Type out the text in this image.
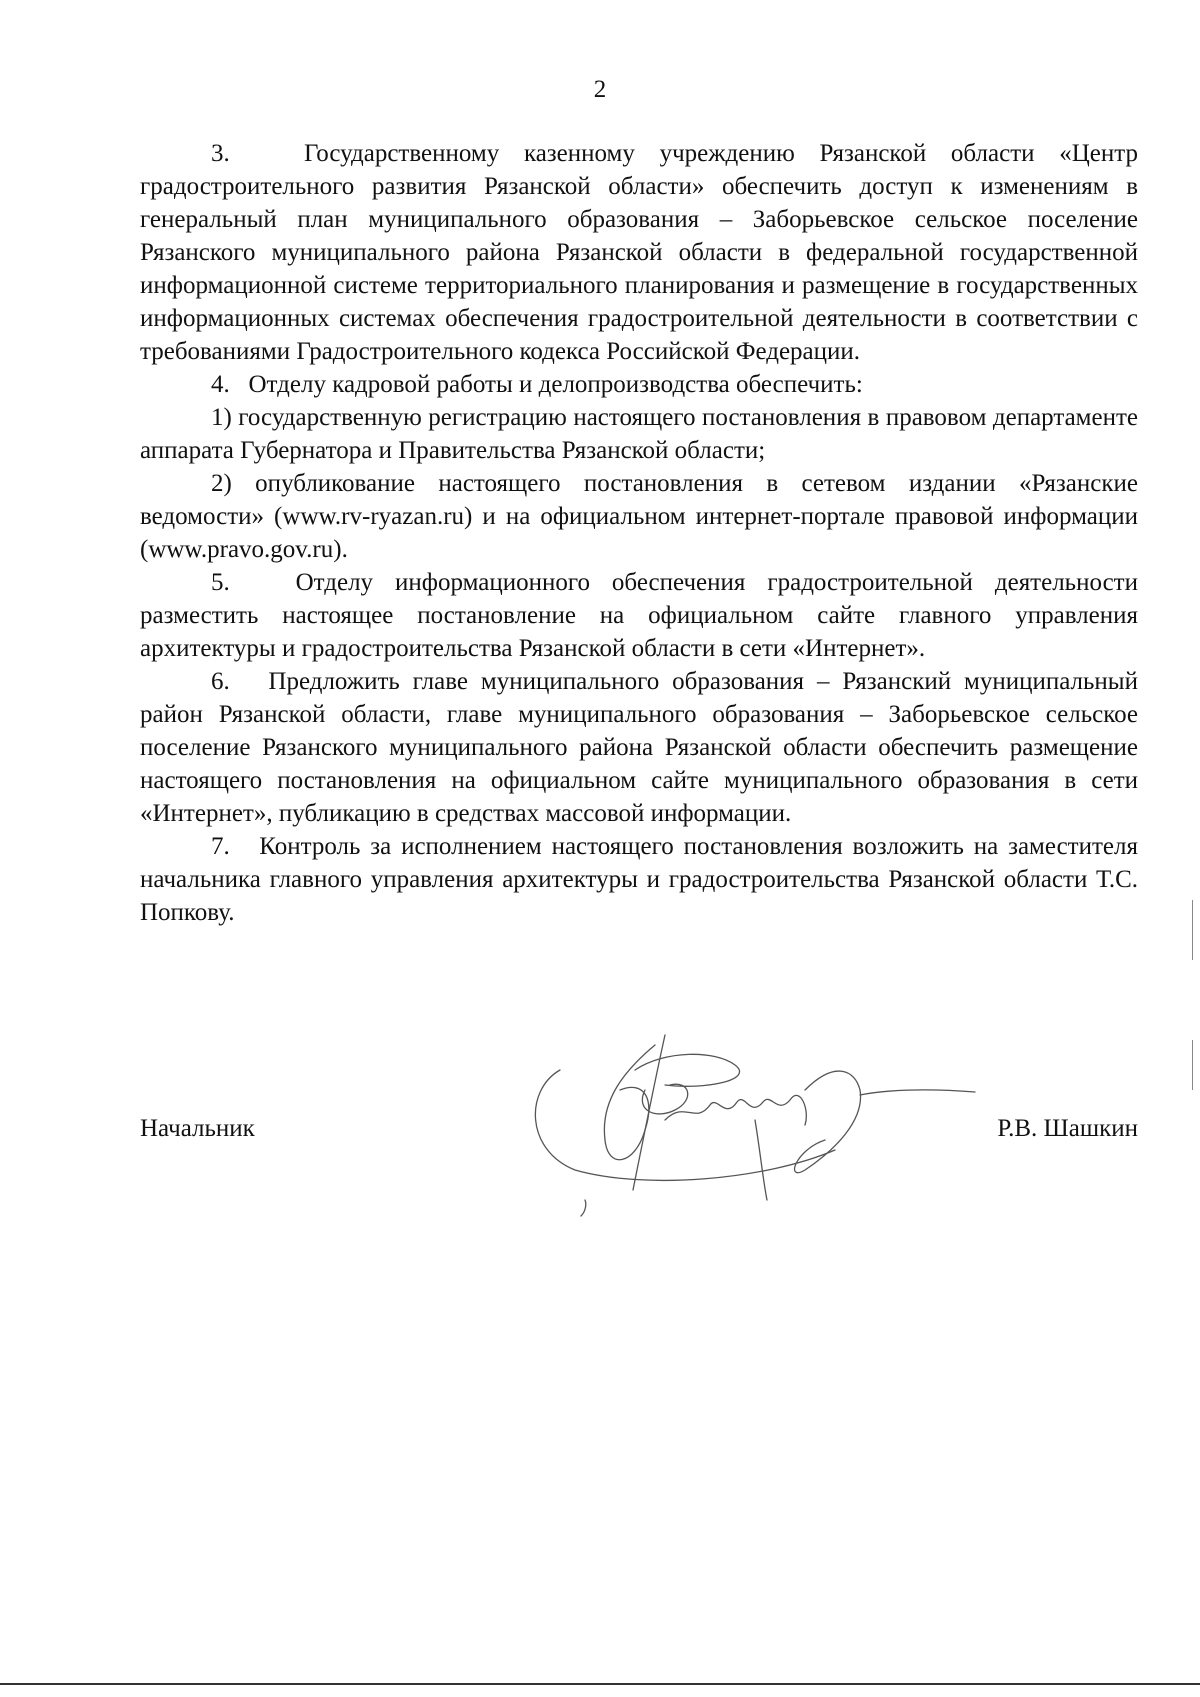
2

3.   Государственному казенному учреждению Рязанской области «Центр градостроительного развития Рязанской области» обеспечить доступ к изменениям в генеральный план муниципального образования – Заборьевское сельское поселение Рязанского муниципального района Рязанской области в федеральной государственной информационной системе территориального планирования и размещение в государственных информационных системах обеспечения градостроительной деятельности в соответствии с требованиями Градостроительного кодекса Российской Федерации.

4.   Отделу кадровой работы и делопроизводства обеспечить:

1) государственную регистрацию настоящего постановления в правовом департаменте аппарата Губернатора и Правительства Рязанской области;

2) опубликование настоящего постановления в сетевом издании «Рязанские ведомости» (www.rv-ryazan.ru) и на официальном интернет-портале правовой информации (www.pravo.gov.ru).

5.   Отделу информационного обеспечения градостроительной деятельности разместить настоящее постановление на официальном сайте главного управления архитектуры и градостроительства Рязанской области в сети «Интернет».

6.   Предложить главе муниципального образования – Рязанский муниципальный район Рязанской области, главе муниципального образования – Заборьевское сельское поселение Рязанского муниципального района Рязанской области обеспечить размещение настоящего постановления на официальном сайте муниципального образования в сети «Интернет», публикацию в средствах массовой информации.

7.   Контроль за исполнением настоящего постановления возложить на заместителя начальника главного управления архитектуры и градостроительства Рязанской области Т.С. Попкову.

Начальник	Р.В. Шашкин
